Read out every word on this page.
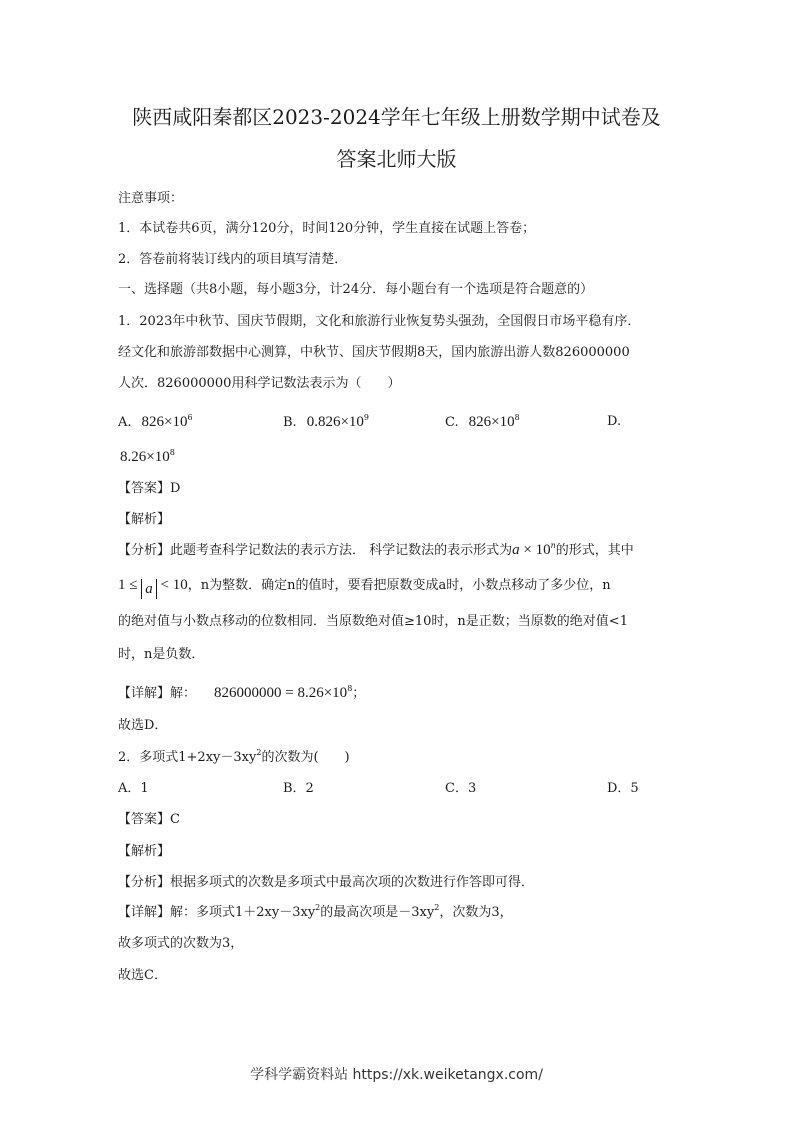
陕西咸阳秦都区2023-2024学年七年级上册数学期中试卷及
答案北师大版
注意事项：
1．本试卷共6页，满分120分，时间120分钟，学生直接在试题上答卷；
2．答卷前将装订线内的项目填写清楚．
一、选择题（共8小题，每小题3分，计24分．每小题台有一个选项是符合题意的）
1．2023年中秋节、国庆节假期，文化和旅游行业恢复势头强劲，全国假日市场平稳有序．
经文化和旅游部数据中心测算，中秋节、国庆节假期8天，国内旅游出游人数826000000
人次．826000000用科学记数法表示为（　　）
A. $826\times 10^6$	B. $0.826\times 10^9$	C. $826\times 10^8$	D.
$8.26\times 10^8$
【答案】D
【解析】
【分析】此题考查科学记数法的表示方法． 科学记数法的表示形式为$a \times 10^n$的形式，其中
1 ≤ a < 10，n为整数．确定n的值时，要看把原数变成a时，小数点移动了多少位，n
的绝对值与小数点移动的位数相同．当原数绝对值≥10时，n是正数；当原数的绝对值<1
时，n是负数．
【详解】解： $826000000 = 8.26\times 10^8$；
故选D．
2．多项式$1+2xy-3xy^2$的次数为(　　)
A．1	B．2	C．3	D．5
【答案】C
【解析】
【分析】根据多项式的次数是多项式中最高次项的次数进行作答即可得．
【详解】解：多项式$1+2xy-3xy^2$的最高次项是$-3xy^2$，次数为3，
故多项式的次数为3，
故选C．
学科学霸资料站 https://xk.weiketangx.com/
